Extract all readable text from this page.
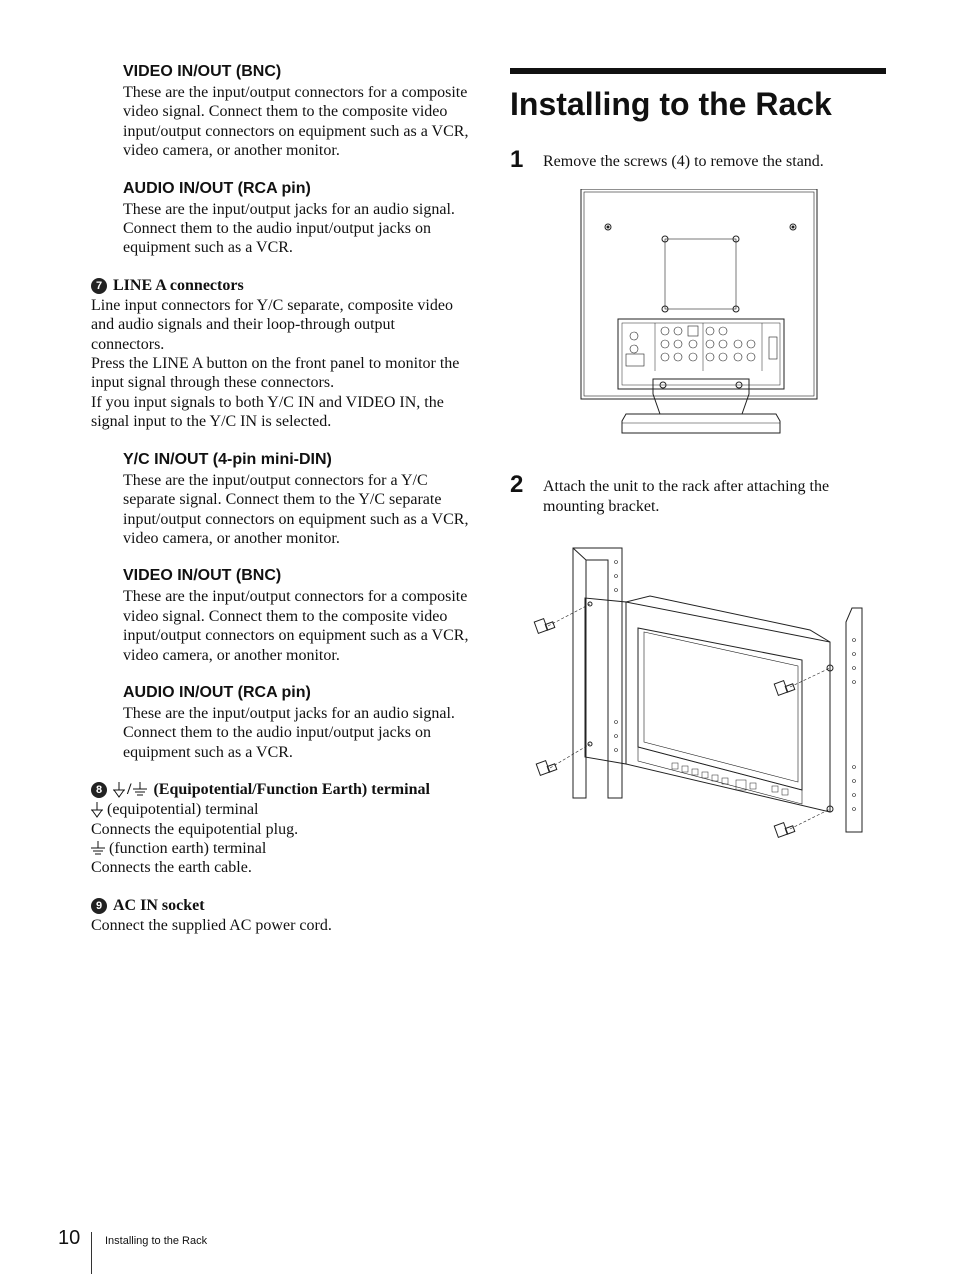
VIDEO IN/OUT (BNC)
These are the input/output connectors for a composite video signal. Connect them to the composite video input/output connectors on equipment such as a VCR, video camera, or another monitor.
AUDIO IN/OUT (RCA pin)
These are the input/output jacks for an audio signal. Connect them to the audio input/output jacks on equipment such as a VCR.
7 LINE A connectors
Line input connectors for Y/C separate, composite video and audio signals and their loop-through output connectors.
Press the LINE A button on the front panel to monitor the input signal through these connectors.
If you input signals to both Y/C IN and VIDEO IN, the signal input to the Y/C IN is selected.
Y/C IN/OUT (4-pin mini-DIN)
These are the input/output connectors for a Y/C separate signal. Connect them to the Y/C separate input/output connectors on equipment such as a VCR, video camera, or another monitor.
VIDEO IN/OUT (BNC)
These are the input/output connectors for a composite video signal. Connect them to the composite video input/output connectors on equipment such as a VCR, video camera, or another monitor.
AUDIO IN/OUT (RCA pin)
These are the input/output jacks for an audio signal. Connect them to the audio input/output jacks on equipment such as a VCR.
8	/ (Equipotential/Function Earth) terminal
(equipotential) terminal
Connects the equipotential plug.
(function earth) terminal
Connects the earth cable.
9 AC IN socket
Connect the supplied AC power cord.
Installing to the Rack
1 Remove the screws (4) to remove the stand.
2 Attach the unit to the rack after attaching the mounting bracket.
10 Installing to the Rack
